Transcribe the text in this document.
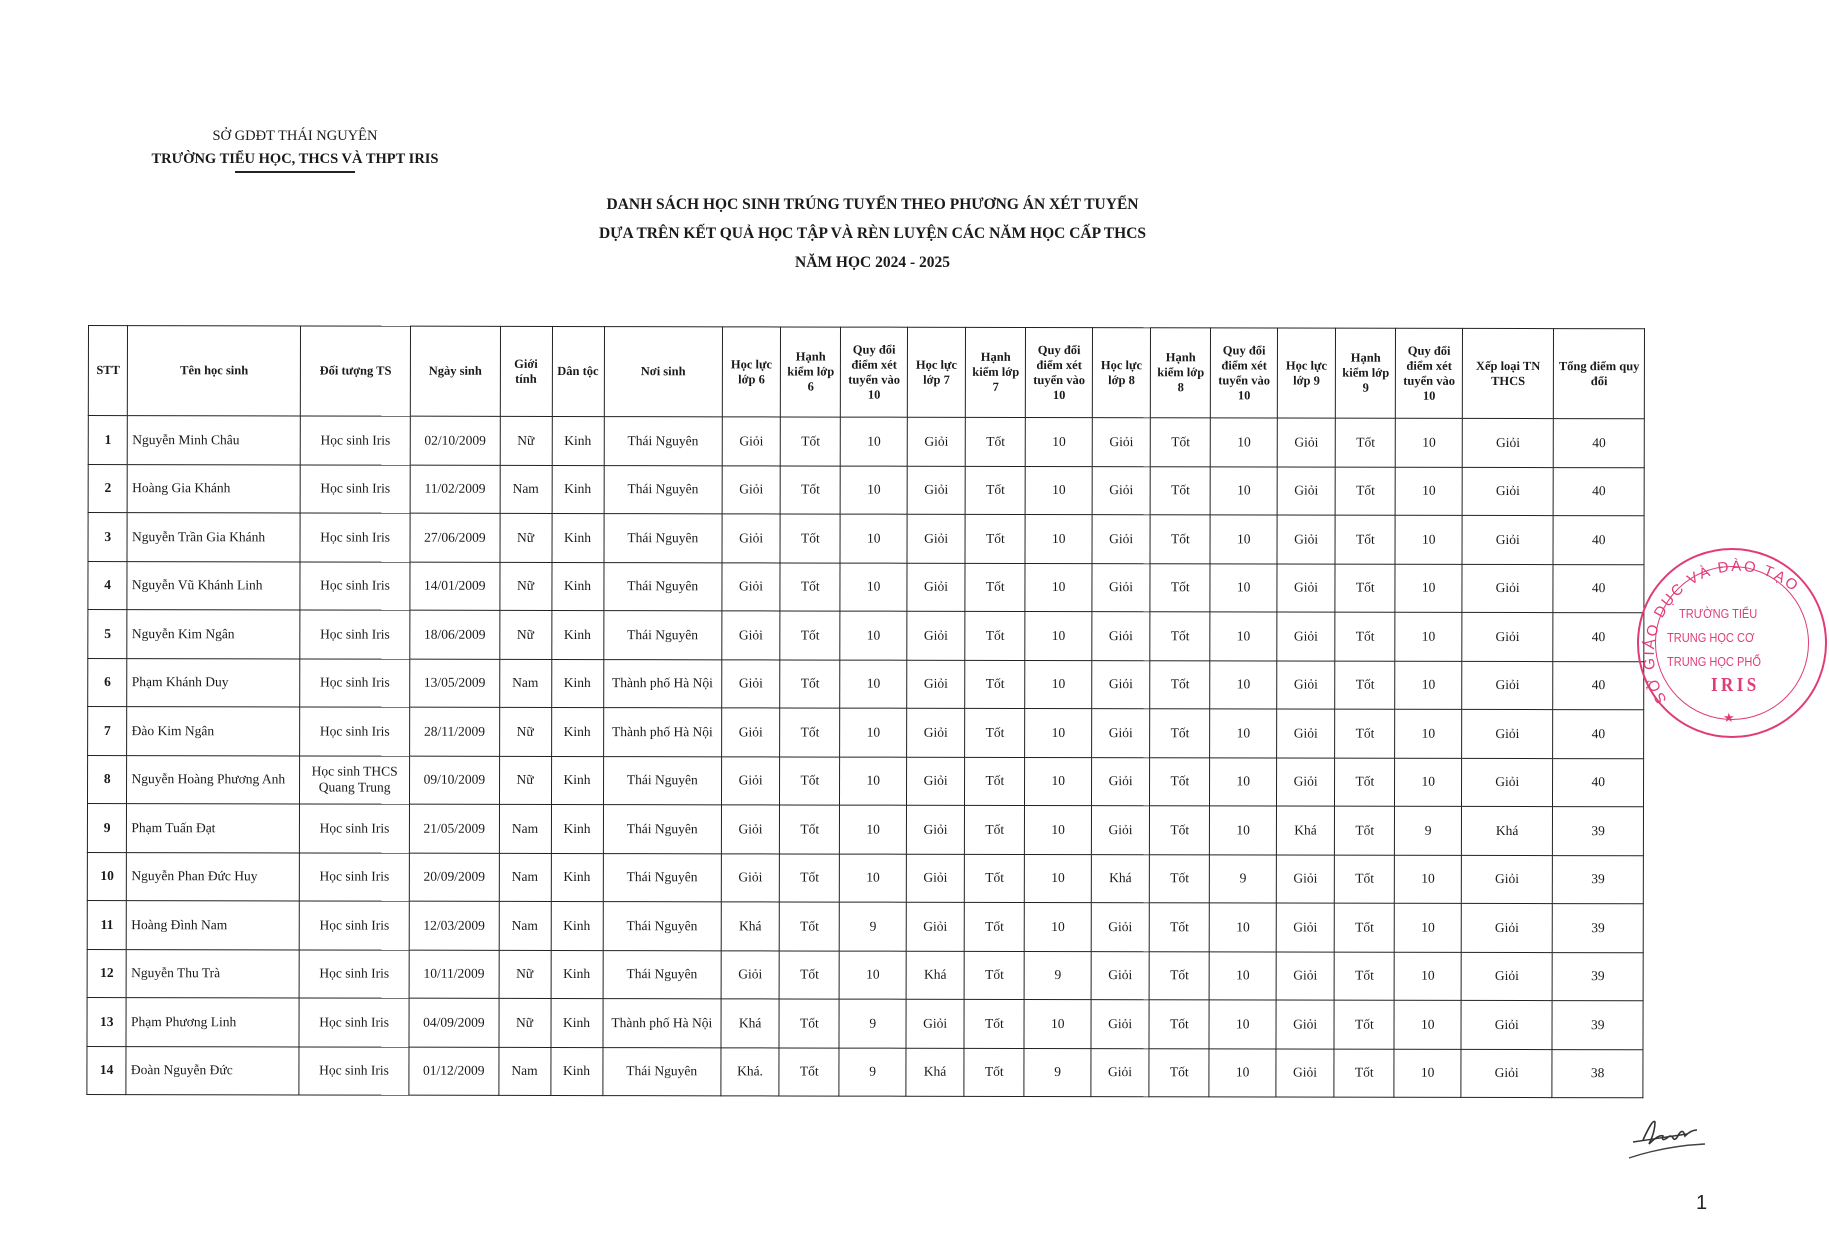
SỞ GDĐT THÁI NGUYÊN
TRƯỜNG TIỂU HỌC, THCS VÀ THPT IRIS
DANH SÁCH HỌC SINH TRÚNG TUYỂN THEO PHƯƠNG ÁN XÉT TUYỂN
DỰA TRÊN KẾT QUẢ HỌC TẬP VÀ RÈN LUYỆN CÁC NĂM HỌC CẤP THCS
NĂM HỌC 2024 - 2025
STT	Tên học sinh	Đối tượng TS	Ngày sinh	Giới tính	Dân tộc	Nơi sinh	Học lực lớp 6	Hạnh kiểm lớp 6	Quy đổi điểm xét tuyển vào 10	Học lực lớp 7	Hạnh kiểm lớp 7	Quy đổi điểm xét tuyển vào 10	Học lực lớp 8	Hạnh kiểm lớp 8	Quy đổi điểm xét tuyển vào 10	Học lực lớp 9	Hạnh kiểm lớp 9	Quy đổi điểm xét tuyển vào 10	Xếp loại TN THCS	Tổng điểm quy đổi
1	Nguyễn Minh Châu	Học sinh Iris	02/10/2009	Nữ	Kinh	Thái Nguyên	Giỏi	Tốt	10	Giỏi	Tốt	10	Giỏi	Tốt	10	Giỏi	Tốt	10	Giỏi	40
2	Hoàng Gia Khánh	Học sinh Iris	11/02/2009	Nam	Kinh	Thái Nguyên	Giỏi	Tốt	10	Giỏi	Tốt	10	Giỏi	Tốt	10	Giỏi	Tốt	10	Giỏi	40
3	Nguyễn Trần Gia Khánh	Học sinh Iris	27/06/2009	Nữ	Kinh	Thái Nguyên	Giỏi	Tốt	10	Giỏi	Tốt	10	Giỏi	Tốt	10	Giỏi	Tốt	10	Giỏi	40
4	Nguyễn Vũ Khánh Linh	Học sinh Iris	14/01/2009	Nữ	Kinh	Thái Nguyên	Giỏi	Tốt	10	Giỏi	Tốt	10	Giỏi	Tốt	10	Giỏi	Tốt	10	Giỏi	40
5	Nguyễn Kim Ngân	Học sinh Iris	18/06/2009	Nữ	Kinh	Thái Nguyên	Giỏi	Tốt	10	Giỏi	Tốt	10	Giỏi	Tốt	10	Giỏi	Tốt	10	Giỏi	40
6	Phạm Khánh Duy	Học sinh Iris	13/05/2009	Nam	Kinh	Thành phố Hà Nội	Giỏi	Tốt	10	Giỏi	Tốt	10	Giỏi	Tốt	10	Giỏi	Tốt	10	Giỏi	40
7	Đào Kim Ngân	Học sinh Iris	28/11/2009	Nữ	Kinh	Thành phố Hà Nội	Giỏi	Tốt	10	Giỏi	Tốt	10	Giỏi	Tốt	10	Giỏi	Tốt	10	Giỏi	40
8	Nguyễn Hoàng Phương Anh	Học sinh THCS Quang Trung	09/10/2009	Nữ	Kinh	Thái Nguyên	Giỏi	Tốt	10	Giỏi	Tốt	10	Giỏi	Tốt	10	Giỏi	Tốt	10	Giỏi	40
9	Phạm Tuấn Đạt	Học sinh Iris	21/05/2009	Nam	Kinh	Thái Nguyên	Giỏi	Tốt	10	Giỏi	Tốt	10	Giỏi	Tốt	10	Khá	Tốt	9	Khá	39
10	Nguyễn Phan Đức Huy	Học sinh Iris	20/09/2009	Nam	Kinh	Thái Nguyên	Giỏi	Tốt	10	Giỏi	Tốt	10	Khá	Tốt	9	Giỏi	Tốt	10	Giỏi	39
11	Hoàng Đình Nam	Học sinh Iris	12/03/2009	Nam	Kinh	Thái Nguyên	Khá	Tốt	9	Giỏi	Tốt	10	Giỏi	Tốt	10	Giỏi	Tốt	10	Giỏi	39
12	Nguyễn Thu Trà	Học sinh Iris	10/11/2009	Nữ	Kinh	Thái Nguyên	Giỏi	Tốt	10	Khá	Tốt	9	Giỏi	Tốt	10	Giỏi	Tốt	10	Giỏi	39
13	Phạm Phương Linh	Học sinh Iris	04/09/2009	Nữ	Kinh	Thành phố Hà Nội	Khá	Tốt	9	Giỏi	Tốt	10	Giỏi	Tốt	10	Giỏi	Tốt	10	Giỏi	39
14	Đoàn Nguyễn Đức	Học sinh Iris	01/12/2009	Nam	Kinh	Thái Nguyên	Khá.	Tốt	9	Khá	Tốt	9	Giỏi	Tốt	10	Giỏi	Tốt	10	Giỏi	38
SỞ GIÁO DỤC VÀ ĐÀO TẠO
TRƯỜNG TIỂU
TRUNG HỌC CƠ
TRUNG HỌC PHỔ
IRIS
★
1
